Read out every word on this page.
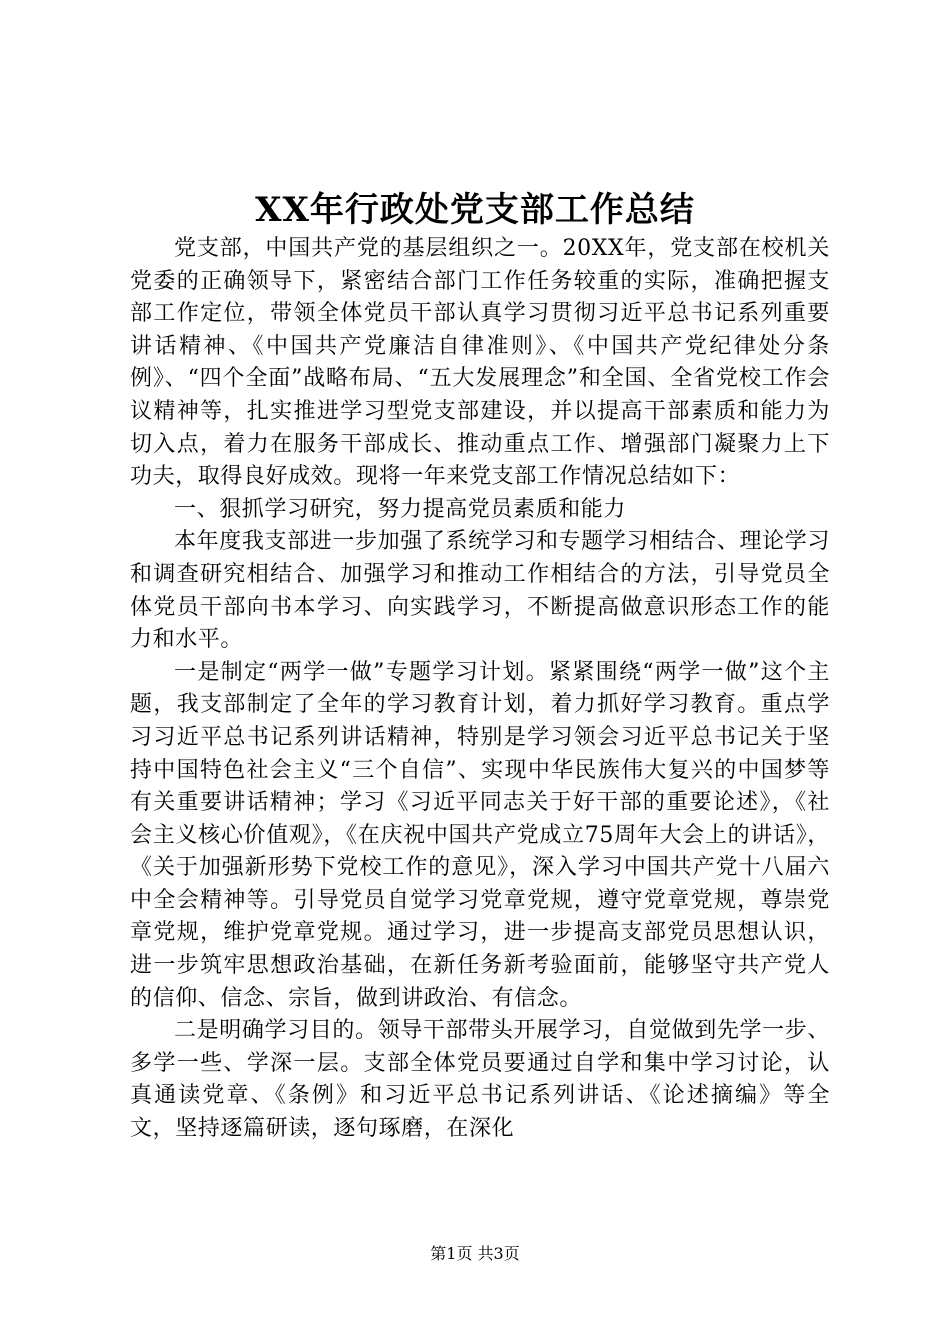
XX年行政处党支部工作总结

党支部，中国共产党的基层组织之一。20XX年，党支部在校机关党委的正确领导下，紧密结合部门工作任务较重的实际，准确把握支部工作定位，带领全体党员干部认真学习贯彻习近平总书记系列重要讲话精神、《中国共产党廉洁自律准则》、《中国共产党纪律处分条例》、“四个全面”战略布局、“五大发展理念”和全国、全省党校工作会议精神等，扎实推进学习型党支部建设，并以提高干部素质和能力为切入点，着力在服务干部成长、推动重点工作、增强部门凝聚力上下功夫，取得良好成效。现将一年来党支部工作情况总结如下：

一、狠抓学习研究，努力提高党员素质和能力

本年度我支部进一步加强了系统学习和专题学习相结合、理论学习和调查研究相结合、加强学习和推动工作相结合的方法，引导党员全体党员干部向书本学习、向实践学习，不断提高做意识形态工作的能力和水平。

一是制定“两学一做”专题学习计划。紧紧围绕“两学一做”这个主题，我支部制定了全年的学习教育计划，着力抓好学习教育。重点学习习近平总书记系列讲话精神，特别是学习领会习近平总书记关于坚持中国特色社会主义“三个自信”、实现中华民族伟大复兴的中国梦等有关重要讲话精神；学习《习近平同志关于好干部的重要论述》，《社会主义核心价值观》，《在庆祝中国共产党成立75周年大会上的讲话》，《关于加强新形势下党校工作的意见》，深入学习中国共产党十八届六中全会精神等。引导党员自觉学习党章党规，遵守党章党规，尊崇党章党规，维护党章党规。通过学习，进一步提高支部党员思想认识，进一步筑牢思想政治基础，在新任务新考验面前，能够坚守共产党人的信仰、信念、宗旨，做到讲政治、有信念。

二是明确学习目的。领导干部带头开展学习，自觉做到先学一步、多学一些、学深一层。支部全体党员要通过自学和集中学习讨论，认真通读党章、《条例》和习近平总书记系列讲话、《论述摘编》等全文，坚持逐篇研读，逐句琢磨，在深化

第1页 共3页
